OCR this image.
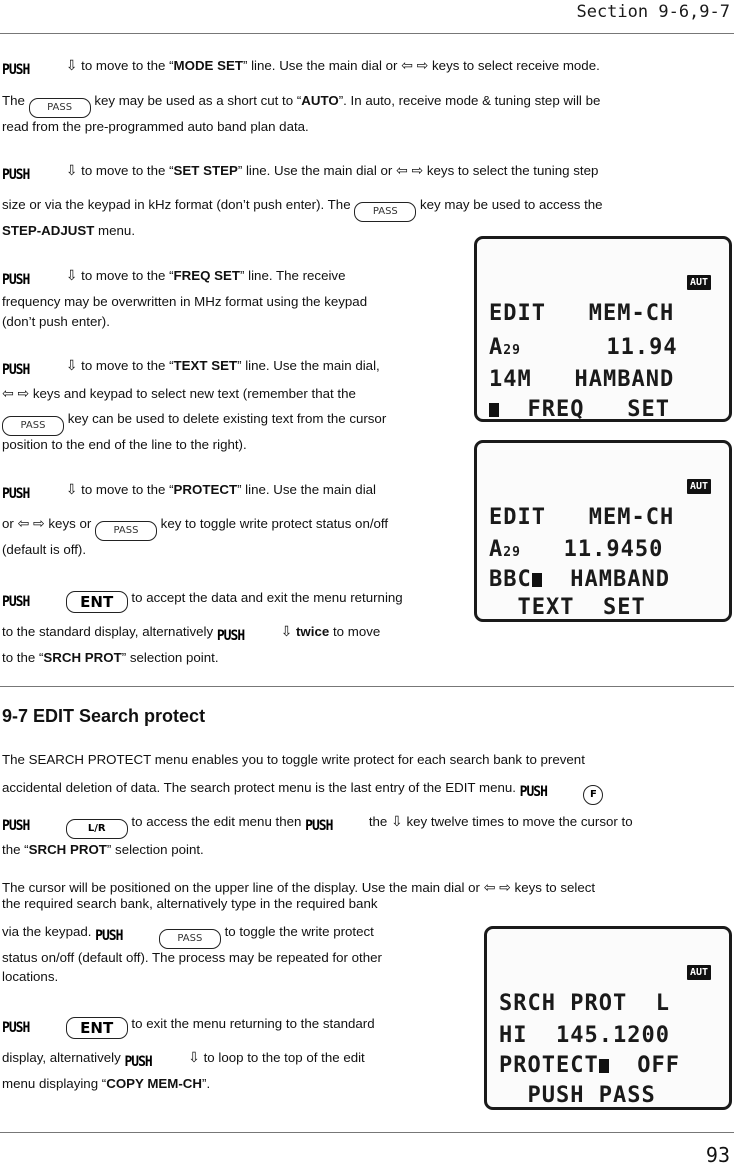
Section 9-6,9-7
PUSH	⇩ to move to the “MODE SET” line. Use the main dial or ⇦ ⇨ keys to select receive mode.
The PASS key may be used as a short cut to “AUTO”. In auto, receive mode & tuning step will be
read from the pre-programmed auto band plan data.
PUSH	⇩ to move to the “SET STEP” line. Use the main dial or ⇦ ⇨ keys to select the tuning step
size or via the keypad in kHz format (don’t push enter). The PASS key may be used to access the
STEP-ADJUST menu.
PUSH	⇩ to move to the “FREQ SET” line. The receive
frequency may be overwritten in MHz format using the keypad
(don’t push enter).
PUSH	⇩ to move to the “TEXT SET” line. Use the main dial,
⇦ ⇨ keys and keypad to select new text (remember that the
PASS key can be used to delete existing text from the cursor
position to the end of the line to the right).
PUSH	⇩ to move to the “PROTECT” line. Use the main dial
or ⇦ ⇨ keys or PASS key to toggle write protect status on/off
(default is off).
PUSH	ENT to accept the data and exit the menu returning
to the standard display, alternatively PUSH	⇩ twice to move
to the “SRCH PROT” selection point.
AUT
EDIT   MEM-CH
A29      11.94
14M   HAMBAND
FREQ   SET
AUT
EDIT   MEM-CH
A29   11.9450
BBC  HAMBAND
TEXT  SET
9-7 EDIT Search protect
The SEARCH PROTECT menu enables you to toggle write protect for each search bank to prevent
accidental deletion of data. The search protect menu is the last entry of the EDIT menu. PUSH	F
PUSH	L/R to access the edit menu then PUSH	the ⇩ key twelve times to move the cursor to
the “SRCH PROT” selection point.
The cursor will be positioned on the upper line of the display. Use the main dial or ⇦ ⇨ keys to select
the required search bank, alternatively type in the required bank
via the keypad. PUSH	PASS to toggle the write protect
status on/off (default off). The process may be repeated for other
locations.
PUSH	ENT to exit the menu returning to the standard
display, alternatively PUSH	⇩ to loop to the top of the edit
menu displaying “COPY MEM-CH”.
AUT
SRCH PROT  L
HI  145.1200
PROTECT  OFF
PUSH PASS
93
